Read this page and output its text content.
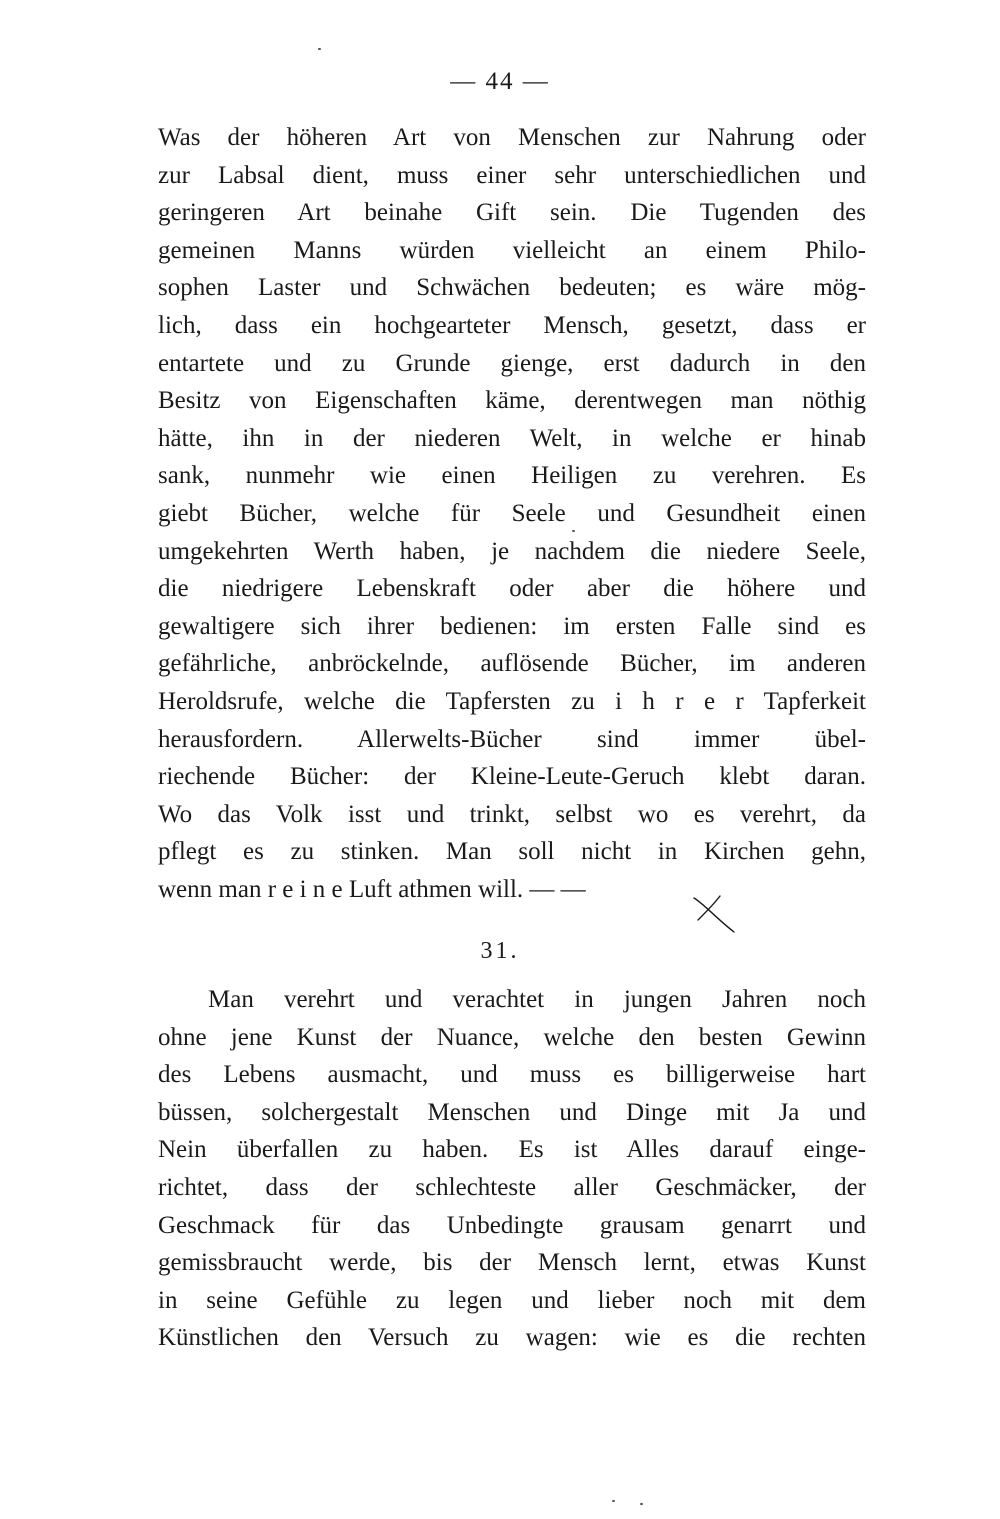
— 44 —
Was der höheren Art von Menschen zur Nahrung oder
zur Labsal dient, muss einer sehr unterschiedlichen und
geringeren Art beinahe Gift sein. Die Tugenden des
gemeinen Manns würden vielleicht an einem Philo-
sophen Laster und Schwächen bedeuten; es wäre mög-
lich, dass ein hochgearteter Mensch, gesetzt, dass er
entartete und zu Grunde gienge, erst dadurch in den
Besitz von Eigenschaften käme, derentwegen man nöthig
hätte, ihn in der niederen Welt, in welche er hinab
sank, nunmehr wie einen Heiligen zu verehren. Es
giebt Bücher, welche für Seele und Gesundheit einen
umgekehrten Werth haben, je nachdem die niedere Seele,
die niedrigere Lebenskraft oder aber die höhere und
gewaltigere sich ihrer bedienen: im ersten Falle sind es
gefährliche, anbröckelnde, auflösende Bücher, im anderen
Heroldsrufe, welche die Tapfersten zu i h r e r Tapferkeit
herausfordern. Allerwelts-Bücher sind immer übel-
riechende Bücher: der Kleine-Leute-Geruch klebt daran.
Wo das Volk isst und trinkt, selbst wo es verehrt, da
pflegt es zu stinken. Man soll nicht in Kirchen gehn,
wenn man r e i n e Luft athmen will. — —
31.
Man verehrt und verachtet in jungen Jahren noch
ohne jene Kunst der Nuance, welche den besten Gewinn
des Lebens ausmacht, und muss es billigerweise hart
büssen, solchergestalt Menschen und Dinge mit Ja und
Nein überfallen zu haben. Es ist Alles darauf einge-
richtet, dass der schlechteste aller Geschmäcker, der
Geschmack für das Unbedingte grausam genarrt und
gemissbraucht werde, bis der Mensch lernt, etwas Kunst
in seine Gefühle zu legen und lieber noch mit dem
Künstlichen den Versuch zu wagen: wie es die rechten
